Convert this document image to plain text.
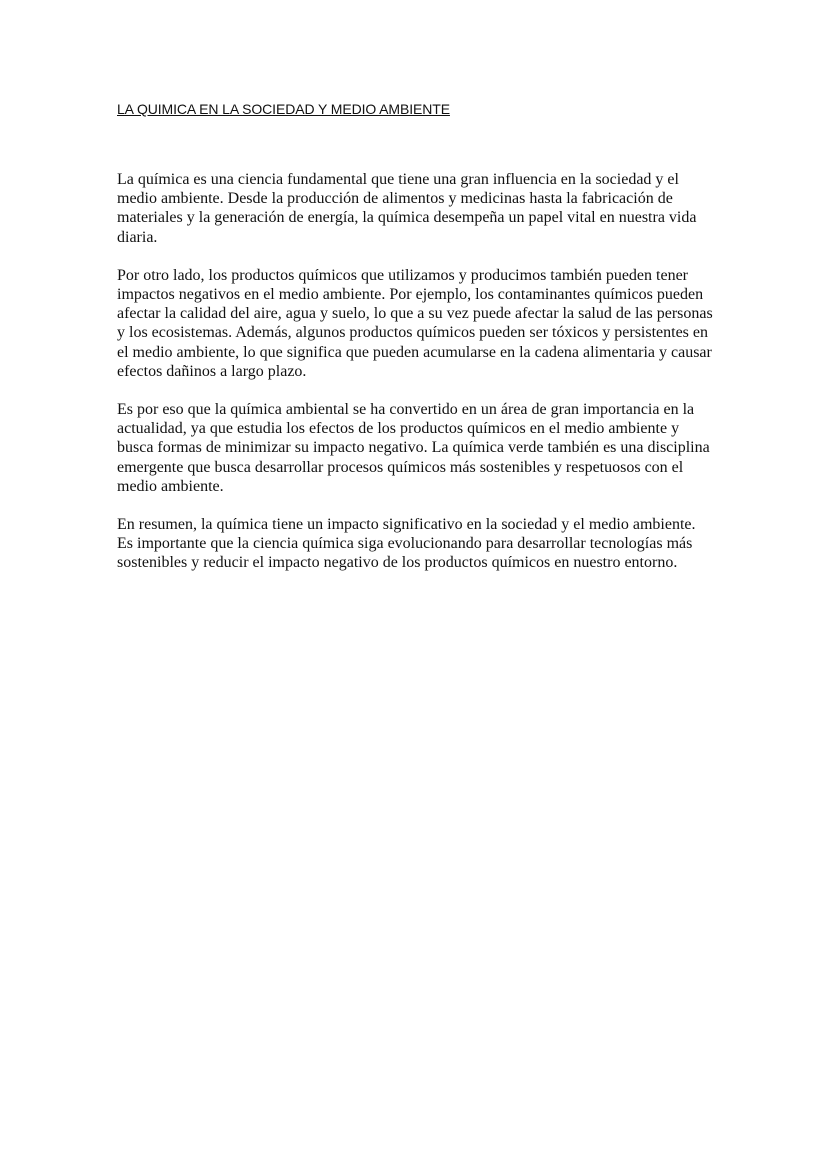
LA QUIMICA EN LA SOCIEDAD Y MEDIO AMBIENTE

La química es una ciencia fundamental que tiene una gran influencia en la sociedad y el medio ambiente. Desde la producción de alimentos y medicinas hasta la fabricación de materiales y la generación de energía, la química desempeña un papel vital en nuestra vida diaria.

Por otro lado, los productos químicos que utilizamos y producimos también pueden tener impactos negativos en el medio ambiente. Por ejemplo, los contaminantes químicos pueden afectar la calidad del aire, agua y suelo, lo que a su vez puede afectar la salud de las personas y los ecosistemas. Además, algunos productos químicos pueden ser tóxicos y persistentes en el medio ambiente, lo que significa que pueden acumularse en la cadena alimentaria y causar efectos dañinos a largo plazo.

Es por eso que la química ambiental se ha convertido en un área de gran importancia en la actualidad, ya que estudia los efectos de los productos químicos en el medio ambiente y busca formas de minimizar su impacto negativo. La química verde también es una disciplina emergente que busca desarrollar procesos químicos más sostenibles y respetuosos con el medio ambiente.

En resumen, la química tiene un impacto significativo en la sociedad y el medio ambiente. Es importante que la ciencia química siga evolucionando para desarrollar tecnologías más sostenibles y reducir el impacto negativo de los productos químicos en nuestro entorno.
